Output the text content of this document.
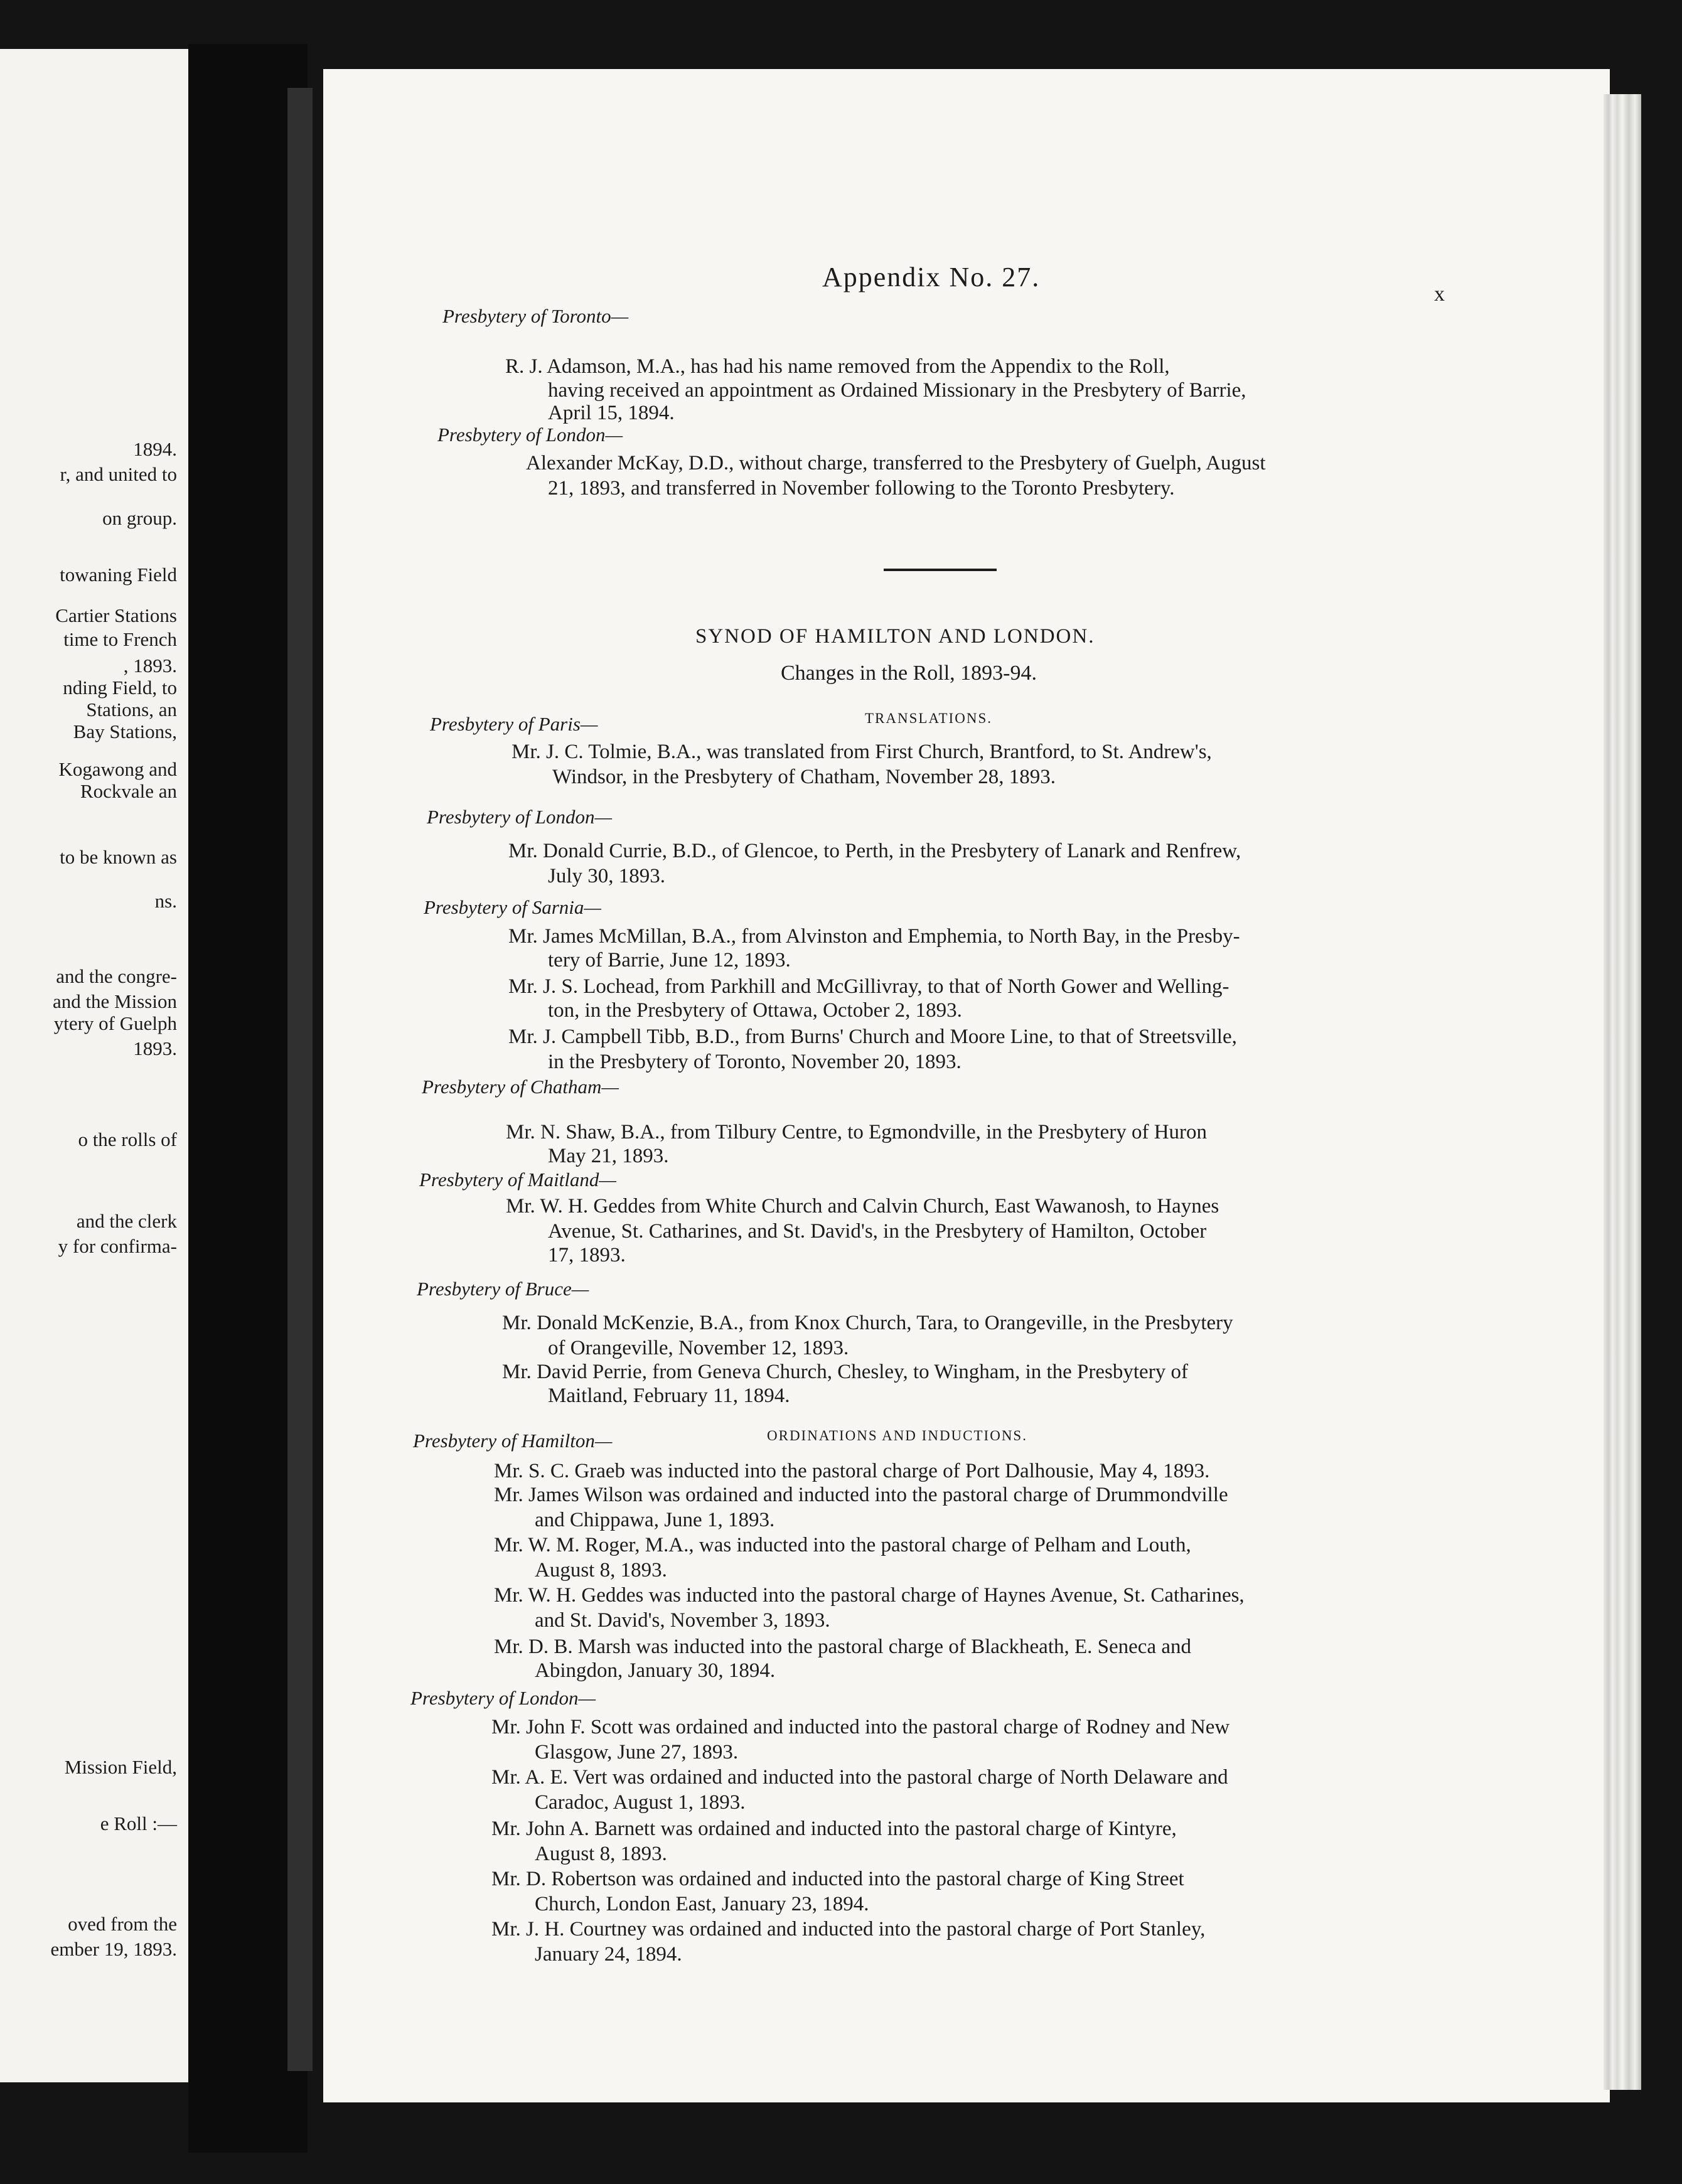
1894.
r, and united to
on group.
towaning Field
Cartier Stations
time to French
, 1893.
nding Field, to
Stations, an
Bay Stations,
Kogawong and
Rockvale an
to be known as
ns.
and the congre-
and the Mission
ytery of Guelph
1893.
o the rolls of
and the clerk
y for confirma-
Mission Field,
e Roll :—
oved from the
ember 19, 1893.
Appendix No. 27.
x
SYNOD OF HAMILTON AND LONDON.
Changes in the Roll, 1893-94.
Presbytery of Toronto—
R. J. Adamson, M.A., has had his name removed from the Appendix to the Roll,
having received an appointment as Ordained Missionary in the Presbytery of Barrie,
April 15, 1894.
Presbytery of London—
Alexander McKay, D.D., without charge, transferred to the Presbytery of Guelph, August
21, 1893, and transferred in November following to the Toronto Presbytery.
TRANSLATIONS.
Presbytery of Paris—
Mr. J. C. Tolmie, B.A., was translated from First Church, Brantford, to St. Andrew's,
Windsor, in the Presbytery of Chatham, November 28, 1893.
Presbytery of London—
Mr. Donald Currie, B.D., of Glencoe, to Perth, in the Presbytery of Lanark and Renfrew,
July 30, 1893.
Presbytery of Sarnia—
Mr. James McMillan, B.A., from Alvinston and Emphemia, to North Bay, in the Presby-
tery of Barrie, June 12, 1893.
Mr. J. S. Lochead, from Parkhill and McGillivray, to that of North Gower and Welling-
ton, in the Presbytery of Ottawa, October 2, 1893.
Mr. J. Campbell Tibb, B.D., from Burns' Church and Moore Line, to that of Streetsville,
in the Presbytery of Toronto, November 20, 1893.
Presbytery of Chatham—
Mr. N. Shaw, B.A., from Tilbury Centre, to Egmondville, in the Presbytery of Huron
May 21, 1893.
Presbytery of Maitland—
Mr. W. H. Geddes from White Church and Calvin Church, East Wawanosh, to Haynes
Avenue, St. Catharines, and St. David's, in the Presbytery of Hamilton, October
17, 1893.
Presbytery of Bruce—
Mr. Donald McKenzie, B.A., from Knox Church, Tara, to Orangeville, in the Presbytery
of Orangeville, November 12, 1893.
Mr. David Perrie, from Geneva Church, Chesley, to Wingham, in the Presbytery of
Maitland, February 11, 1894.
ORDINATIONS AND INDUCTIONS.
Presbytery of Hamilton—
Mr. S. C. Graeb was inducted into the pastoral charge of Port Dalhousie, May 4, 1893.
Mr. James Wilson was ordained and inducted into the pastoral charge of Drummondville
and Chippawa, June 1, 1893.
Mr. W. M. Roger, M.A., was inducted into the pastoral charge of Pelham and Louth,
August 8, 1893.
Mr. W. H. Geddes was inducted into the pastoral charge of Haynes Avenue, St. Catharines,
and St. David's, November 3, 1893.
Mr. D. B. Marsh was inducted into the pastoral charge of Blackheath, E. Seneca and
Abingdon, January 30, 1894.
Presbytery of London—
Mr. John F. Scott was ordained and inducted into the pastoral charge of Rodney and New
Glasgow, June 27, 1893.
Mr. A. E. Vert was ordained and inducted into the pastoral charge of North Delaware and
Caradoc, August 1, 1893.
Mr. John A. Barnett was ordained and inducted into the pastoral charge of Kintyre,
August 8, 1893.
Mr. D. Robertson was ordained and inducted into the pastoral charge of King Street
Church, London East, January 23, 1894.
Mr. J. H. Courtney was ordained and inducted into the pastoral charge of Port Stanley,
January 24, 1894.
